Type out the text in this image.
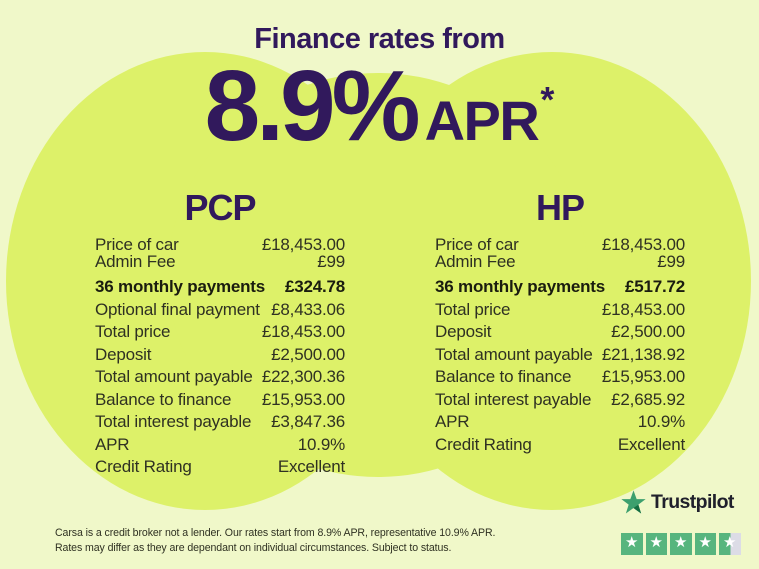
Finance rates from
8.9% APR *
PCP
Price of car	£18,453.00
Admin Fee	£99
36 monthly payments £324.78
Optional final payment £8,433.06
Total price	£18,453.00
Deposit	£2,500.00
Total amount payable £22,300.36
Balance to finance £15,953.00
Total interest payable £3,847.36
APR	10.9%
Credit Rating	Excellent
HP
Price of car	£18,453.00
Admin Fee	£99
36 monthly payments £517.72
Total price	£18,453.00
Deposit	£2,500.00
Total amount payable £21,138.92
Balance to finance £15,953.00
Total interest payable £2,685.92
APR	10.9%
Credit Rating	Excellent
Carsa is a credit broker not a lender. Our rates start from 8.9% APR, representative 10.9% APR.
Rates may differ as they are dependant on individual circumstances. Subject to status.
Trustpilot
★ ★ ★ ★ ★
